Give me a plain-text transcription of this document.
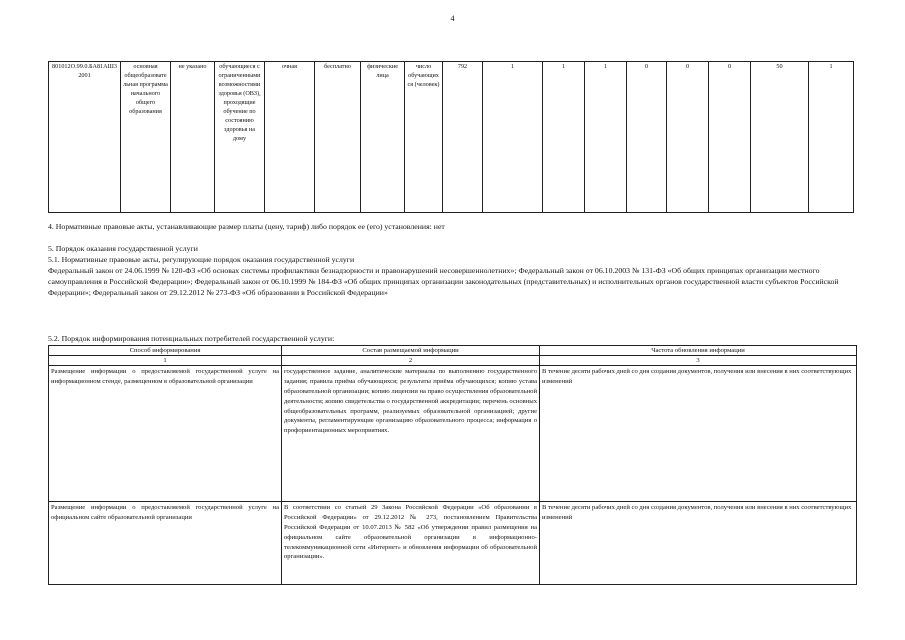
4
801012О.99.0.БА81АШ32001	основная общеобразовательная программа начального общего образования	не указано	обучающиеся с ограниченными возможностями здоровья (ОВЗ), проходящие обучение по состоянию здоровья на дому	очная	бесплатно	физические лица	число обучающихся (человек)	792	1	1	1	0	0	0	50	1

4. Нормативные правовые акты, устанавливающие размер платы (цену, тариф) либо порядок ее (его) установления: нет

5. Порядок оказания государственной услуги

5.1. Нормативные правовые акты, регулирующие порядок оказания государственной услуги

Федеральный закон от 24.06.1999 № 120-ФЗ «Об основах системы профилактики безнадзорности и правонарушений несовершеннолетних»; Федеральный закон от 06.10.2003 № 131-ФЗ «Об общих принципах организации местного самоуправления в Российской Федерации»; Федеральный закон от 06.10.1999 № 184-ФЗ «Об общих принципах организации законодательных (представительных) и исполнительных органов государственной власти субъектов Российской Федерации»; Федеральный закон от 29.12.2012 № 273-ФЗ «Об образовании в Российской Федерации»

5.2. Порядок информирования потенциальных потребителей государственной услуги:

Способ информирования	Состав размещаемой информации	Частота обновления информации
1	2	3
Размещение информации о предоставляемой государственной услуге на информационном стенде, размещенном в образовательной организации	государственное задание, аналитические материалы по выполнению государственного задания; правила приёма обучающихся; результаты приёма обучающихся; копию устава образовательной организации; копию лицензии на право осуществления образовательной деятельности; копию свидетельства о государственной аккредитации; перечень основных общеобразовательных программ, реализуемых образовательной организацией; другие документы, регламентирующие организацию образовательного процесса; информация о профориентационных мероприятиях.	В течение десяти рабочих дней со дня создания документов, получения или внесения в них соответствующих изменений
Размещение информации о предоставляемой государственной услуге на официальном сайте образовательной организации	В соответствии со статьей 29 Закона Российской Федерации «Об образовании в Российской Федерации» от 29.12.2012 № 273, постановлением Правительства Российской Федерации от 10.07.2013 № 582 «Об утверждении правил размещения на официальном сайте образовательной организации в информационно-телекоммуникационной сети «Интернет» и обновления информации об образовательной организации».	В течение десяти рабочих дней со дня создания документов, получения или внесения в них соответствующих изменений
